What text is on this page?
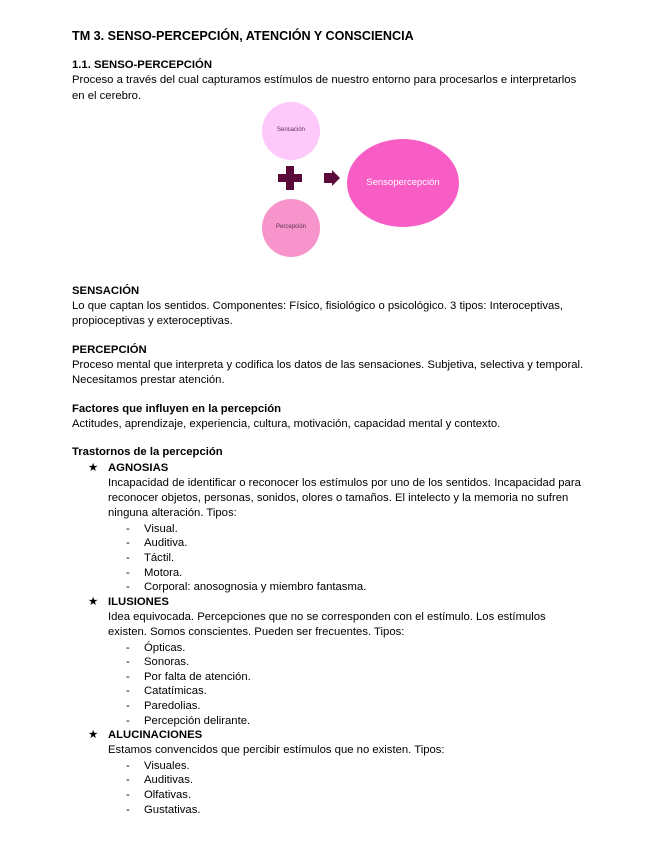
TM 3. SENSO-PERCEPCIÓN, ATENCIÓN Y CONSCIENCIA
1.1. SENSO-PERCEPCIÓN

Proceso a través del cual capturamos estímulos de nuestro entorno para procesarlos e interpretarlos en el cerebro.

Sensación
Sensopercepción
Percepción
SENSACIÓN

Lo que captan los sentidos. Componentes: Físico, fisiológico o psicológico. 3 tipos: Interoceptivas, propioceptivas y exteroceptivas.

PERCEPCIÓN

Proceso mental que interpreta y codifica los datos de las sensaciones. Subjetiva, selectiva y temporal. Necesitamos prestar atención.

Factores que influyen en la percepción

Actitudes, aprendizaje, experiencia, cultura, motivación, capacidad mental y contexto.

Trastornos de la percepción
★ AGNOSIAS

Incapacidad de identificar o reconocer los estímulos por uno de los sentidos. Incapacidad para reconocer objetos, personas, sonidos, olores o tamaños. El intelecto y la memoria no sufren ninguna alteración. Tipos:

- Visual.
- Auditiva.
- Táctil.
- Motora.
- Corporal: anosognosia y miembro fantasma.
★ ILUSIONES

Idea equivocada. Percepciones que no se corresponden con el estímulo. Los estímulos existen. Somos conscientes. Pueden ser frecuentes. Tipos:

- Ópticas.
- Sonoras.
- Por falta de atención.
- Catatímicas.
- Paredolias.
- Percepción delirante.
★ ALUCINACIONES

Estamos convencidos que percibir estímulos que no existen. Tipos:

- Visuales.
- Auditivas.
- Olfativas.
- Gustativas.
